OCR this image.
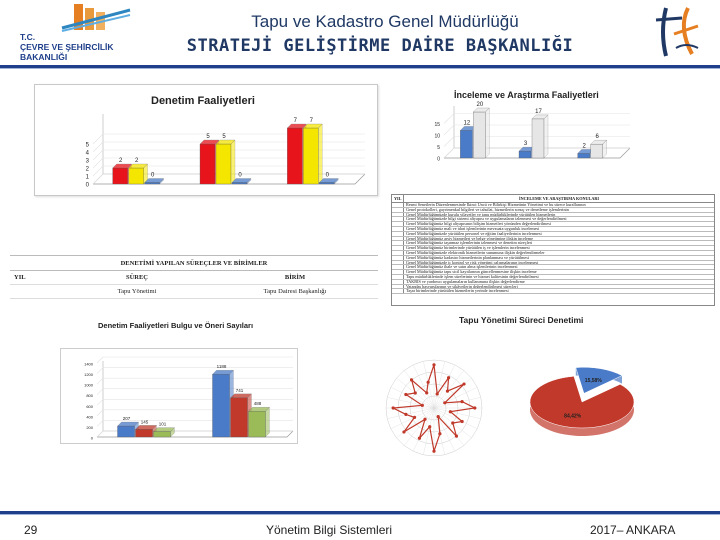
T.C.
ÇEVRE VE ŞEHİRCİLİK
BAKANLIĞI
Tapu ve Kadastro Genel Müdürlüğü
STRATEJİ GELİŞTİRME DAİRE BAŞKANLIĞI
0
1
2
3
4
5
2 2
0
5 5
0
7 7
0
Denetim Faaliyetleri
0
5
10
15	12
20
3
17
2
6
İnceleme ve Araştırma Faaliyetleri
DENETİMİ YAPILAN SÜREÇLER VE BİRİMLER
YIL	SÜREÇ	BİRİM
Tapu Yönetimi	Tapu Dairesi Başkanlığı
YIL	İNCELEME VE ARAŞTIRMA KONULARI
Resmi Senetlerin Düzenlenmesinde İkinci Üncü ve Bilirkişi Hizmetinin Yönetimi ve bu sürece kurallarının
Genel protokolleri, gayrimenkul bilgileri ve tahsilat, hizmetlerin sonuç ve denetleme işlemlerinin
Genel Müdürlüğümüzde kurulu vilayetler ve tapu müdürlüklerinde yürütülen hizmetlerin
Genel Müdürlüğümüzde bilgi sistemi altyapısı ve uygulamaların izlenmesi ve değerlendirilmesi
Genel Müdürlüğümüz bilgi altyapısının bilişim hizmetleri yönünden değerlendirilmesi
Genel Müdürlüğümüz mali ve idari işlemlerinin mevzuata uygunluk incelemesi
Genel Müdürlüğümüzde yürütülen personel ve eğitim faaliyetlerinin incelenmesi
Genel Müdürlüğümüz arşiv hizmetleri ve belge yönetimine ilişkin inceleme
Genel Müdürlüğümüz taşınmaz işlemlerinin izlenmesi ve denetim süreçleri
Genel Müdürlüğümüz birimlerinde yürütülen iş ve işlemlerin incelenmesi
Genel Müdürlüğümüzde elektronik hizmetlerin sunumuna ilişkin değerlendirmeler
Genel Müdürlüğümüz kadastro hizmetlerinin planlanması ve yürütülmesi
Genel Müdürlüğümüzde iç kontrol ve risk yönetimi çalışmalarının incelenmesi
Genel Müdürlüğümüz ihale ve satın alma işlemlerinin incelenmesi
Genel Müdürlüğümüz tapu sicil kayıtlarının güncellenmesine ilişkin inceleme
Tapu müdürlüklerinde işlem sürelerinin ve hizmet kalitesinin değerlendirilmesi
TAKBİS ve yardımcı uygulamaların kullanımına ilişkin değerlendirme
Vatandaş başvurularının ve şikâyetlerin değerlendirilmesi süreçleri
Taşra birimlerinde yürütülen hizmetlerin yerinde incelenmesi
Denetim Faaliyetleri Bulgu ve Öneri Sayıları
Tapu Yönetimi Süreci Denetimi
0
200
400
600
800
1000
1200
1400
207
145 101
1188
741
488
15,58%
84,42%
29	Yönetim Bilgi Sistemleri	2017– ANKARA
